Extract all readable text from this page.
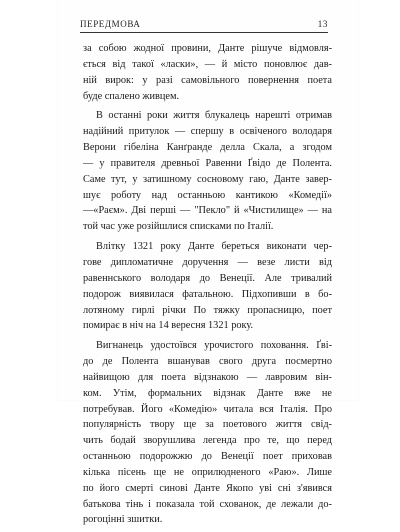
ПЕРЕДМОВА	13
за собою жодної провини, Данте рішуче відмовля-
ється від такої «ласки», — й місто поновлює дав-
ній вирок: у разі самовільного повернення поета
буде спалено живцем.
В останні роки життя блукалець нарешті отримав
надійний притулок — спершу в освіченого володаря
Верони гібеліна Канґранде делла Скала, а згодом
— у правителя древньої Равенни Ґвідо де Полента.
Саме тут, у затишному сосновому гаю, Данте завер-
шує роботу над останньою кантикою «Комедії»
—«Раєм». Дві перші — "Пекло" й «Чистилище» — на
той час уже розійшлися списками по Італії.
Влітку 1321 року Данте береться виконати чер-
гове дипломатичне доручення — везе листи від
равеннського володаря до Венеції. Але тривалий
подорож виявилася фатальною. Підхопивши в бо-
лотяному гирлі річки По тяжку пропасницю, поет
помирає в ніч на 14 вересня 1321 року.
Вигнанець удостоївся урочистого поховання. Ґві-
до де Полента вшанував свого друга посмертно
найвищою для поета відзнакою — лавровим він-
ком. Утім, формальних відзнак Данте вже не
потребував. Його «Комедію» читала вся Італія. Про
популярність твору ще за поетового життя свід-
чить бодай зворушлива легенда про те, що перед
останньою подорожжю до Венеції поет приховав
кілька пісень ще не оприлюдненого «Раю». Лише
по його смерті синові Данте Якопо уві сні з'явився
батькова тінь і показала той схованок, де лежали до-
рогоцінні зшитки.
